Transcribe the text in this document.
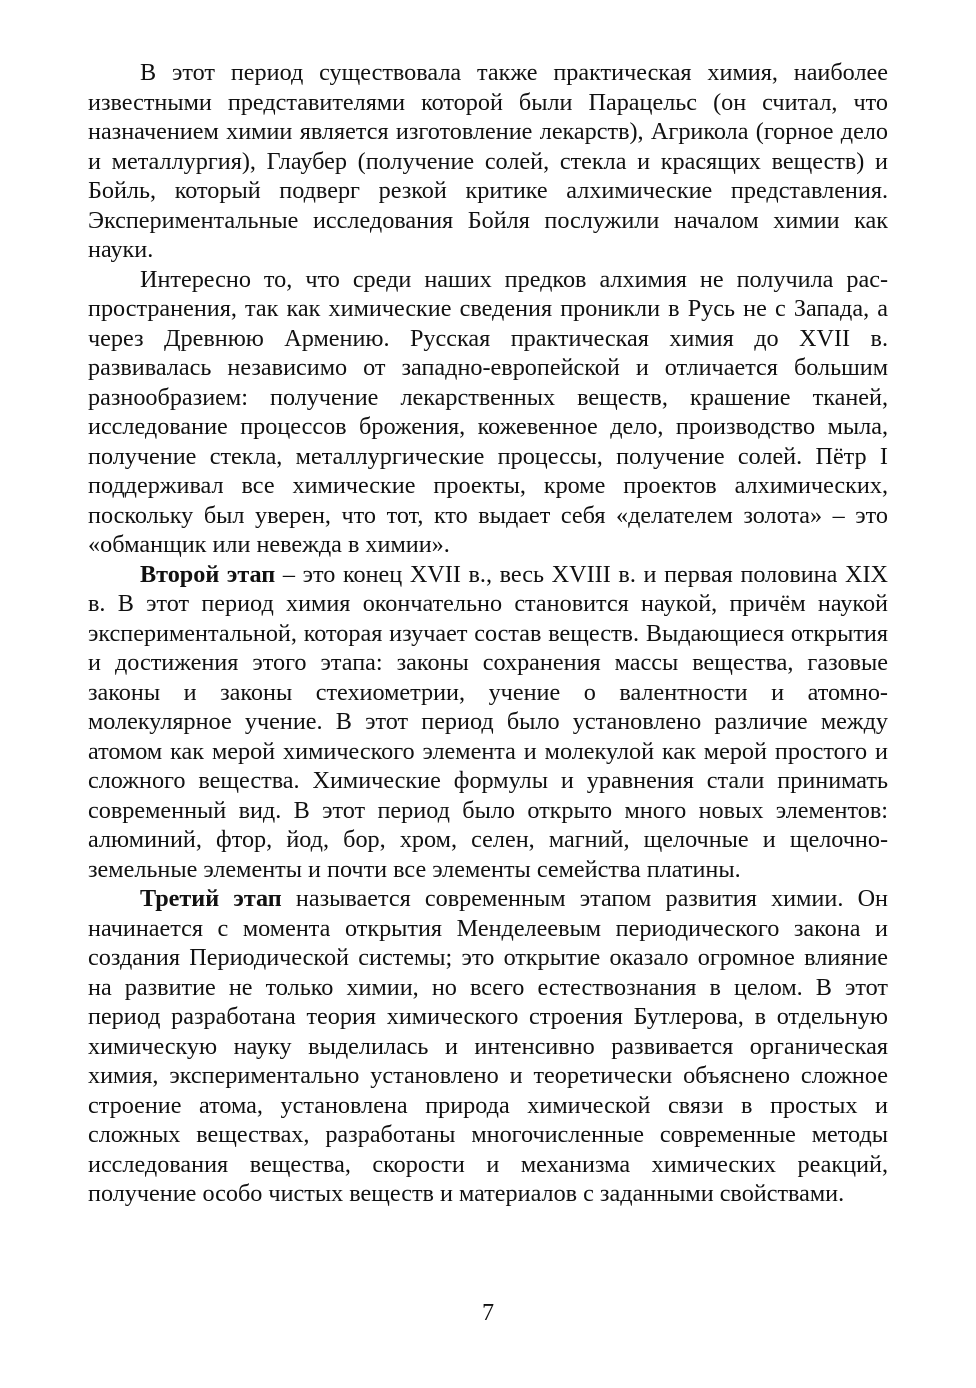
В этот период существовала также практическая химия, наиболее известными представителями которой были Парацельс (он считал, что назначением химии является изготовление лекарств), Агрикола (горное дело и металлургия), Глаубер (получение солей, стекла и красящих веществ) и Бойль, который подверг резкой критике алхимические представления. Экспериментальные исследования Бойля послужили началом химии как науки.

Интересно то, что среди наших предков алхимия не получила распространения, так как химические сведения проникли в Русь не с Запада, а через Древнюю Армению. Русская практическая химия до XVII в. развивалась независимо от западно-европейской и отличается большим разнообразием: получение лекарственных веществ, крашение тканей, исследование процессов брожения, кожевенное дело, производство мыла, получение стекла, металлургические процессы, получение солей. Пётр I поддерживал все химические проекты, кроме проектов алхимических, поскольку был уверен, что тот, кто выдает себя «делателем золота» – это «обманщик или невежда в химии».

Второй этап – это конец XVII в., весь XVIII в. и первая половина XIX в. В этот период химия окончательно становится наукой, причём наукой экспериментальной, которая изучает состав веществ. Выдающиеся открытия и достижения этого этапа: законы сохранения массы вещества, газовые законы и законы стехиометрии, учение о валентности и атомно-молекулярное учение. В этот период было установлено различие между атомом как мерой химического элемента и молекулой как мерой простого и сложного вещества. Химические формулы и уравнения стали принимать современный вид. В этот период было открыто много новых элементов: алюминий, фтор, йод, бор, хром, селен, магний, щелочные и щелочно-земельные элементы и почти все элементы семейства платины.

Третий этап называется современным этапом развития химии. Он начинается с момента открытия Менделеевым периодического закона и создания Периодической системы; это открытие оказало огромное влияние на развитие не только химии, но всего естествознания в целом. В этот период разработана теория химического строения Бутлерова, в отдельную химическую науку выделилась и интенсивно развивается органическая химия, экспериментально установлено и теоретически объяснено сложное строение атома, установлена природа химической связи в простых и сложных веществах, разработаны многочисленные современные методы исследования вещества, скорости и механизма химических реакций, получение особо чистых веществ и материалов с заданными свойствами.

7
